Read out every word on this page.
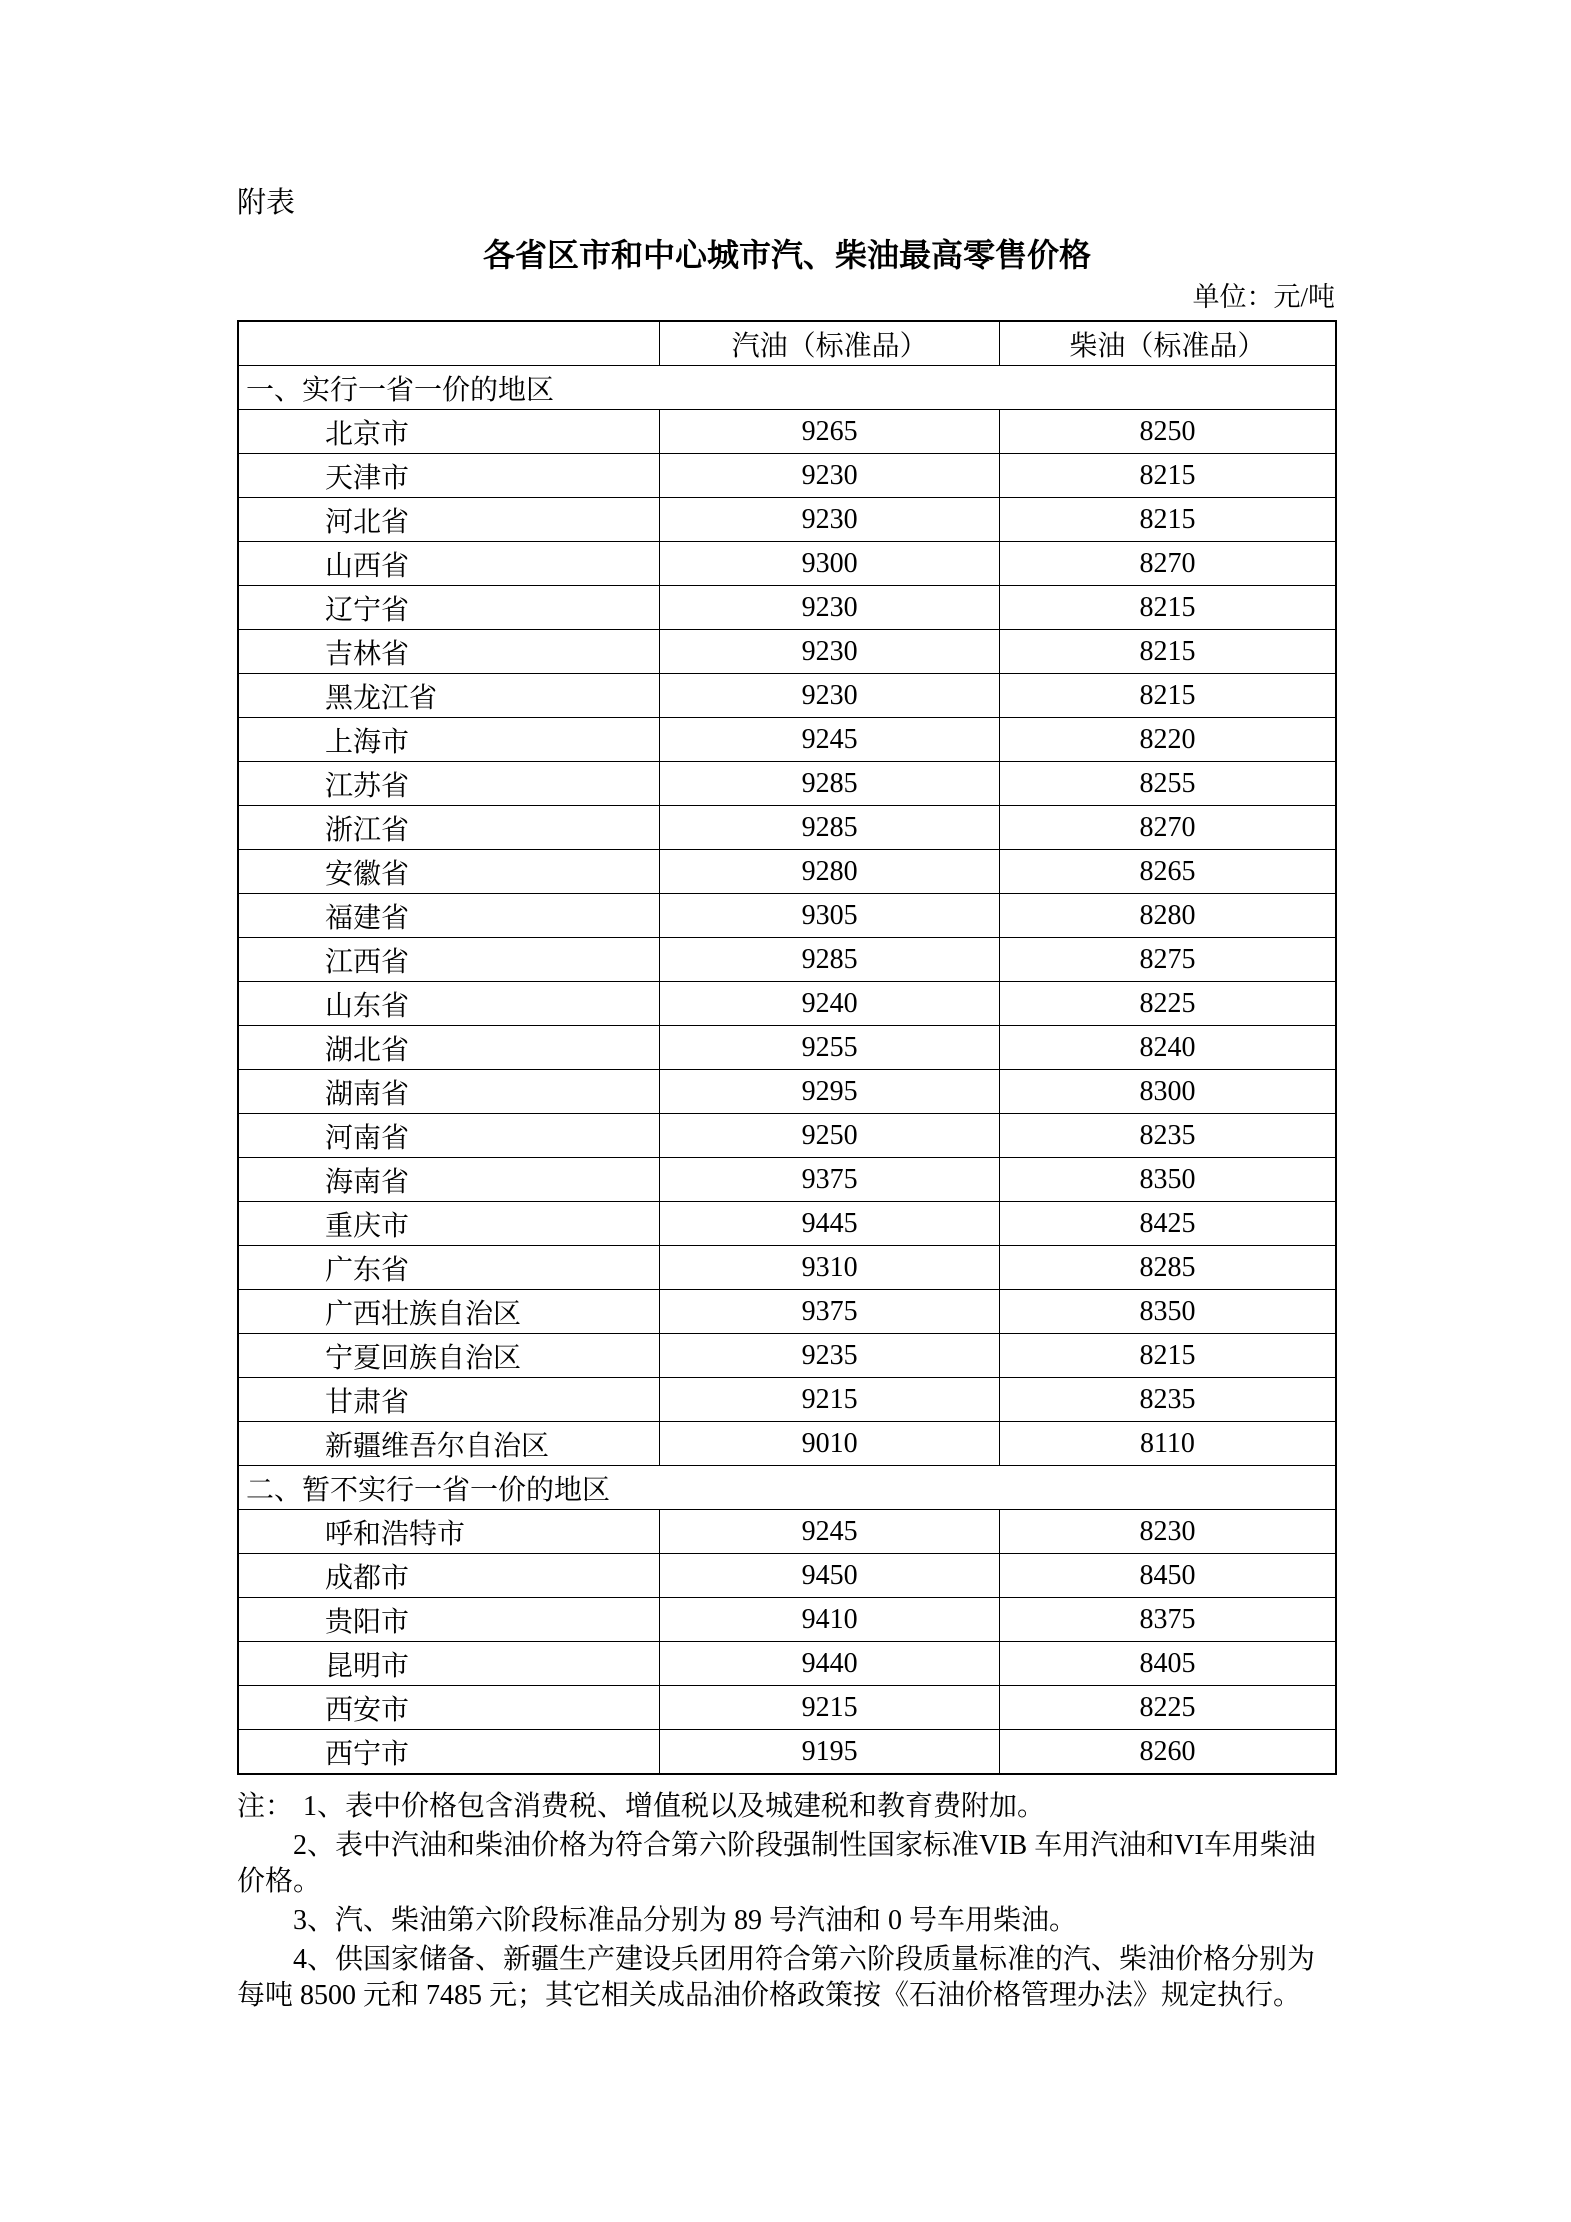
附表
各省区市和中心城市汽、柴油最高零售价格
单位：元/吨
	汽油（标准品）	柴油（标准品）
一、实行一省一价的地区		
北京市	9265	8250
天津市	9230	8215
河北省	9230	8215
山西省	9300	8270
辽宁省	9230	8215
吉林省	9230	8215
黑龙江省	9230	8215
上海市	9245	8220
江苏省	9285	8255
浙江省	9285	8270
安徽省	9280	8265
福建省	9305	8280
江西省	9285	8275
山东省	9240	8225
湖北省	9255	8240
湖南省	9295	8300
河南省	9250	8235
海南省	9375	8350
重庆市	9445	8425
广东省	9310	8285
广西壮族自治区	9375	8350
宁夏回族自治区	9235	8215
甘肃省	9215	8235
新疆维吾尔自治区	9010	8110
二、暂不实行一省一价的地区		
呼和浩特市	9245	8230
成都市	9450	8450
贵阳市	9410	8375
昆明市	9440	8405
西安市	9215	8225
西宁市	9195	8260

注： 1、表中价格包含消费税、增值税以及城建税和教育费附加。

2、表中汽油和柴油价格为符合第六阶段强制性国家标准VIB 车用汽油和VI车用柴油价格。

3、汽、柴油第六阶段标准品分别为 89 号汽油和 0 号车用柴油。

4、供国家储备、新疆生产建设兵团用符合第六阶段质量标准的汽、柴油价格分别为每吨 8500 元和 7485 元；其它相关成品油价格政策按《石油价格管理办法》规定执行。
